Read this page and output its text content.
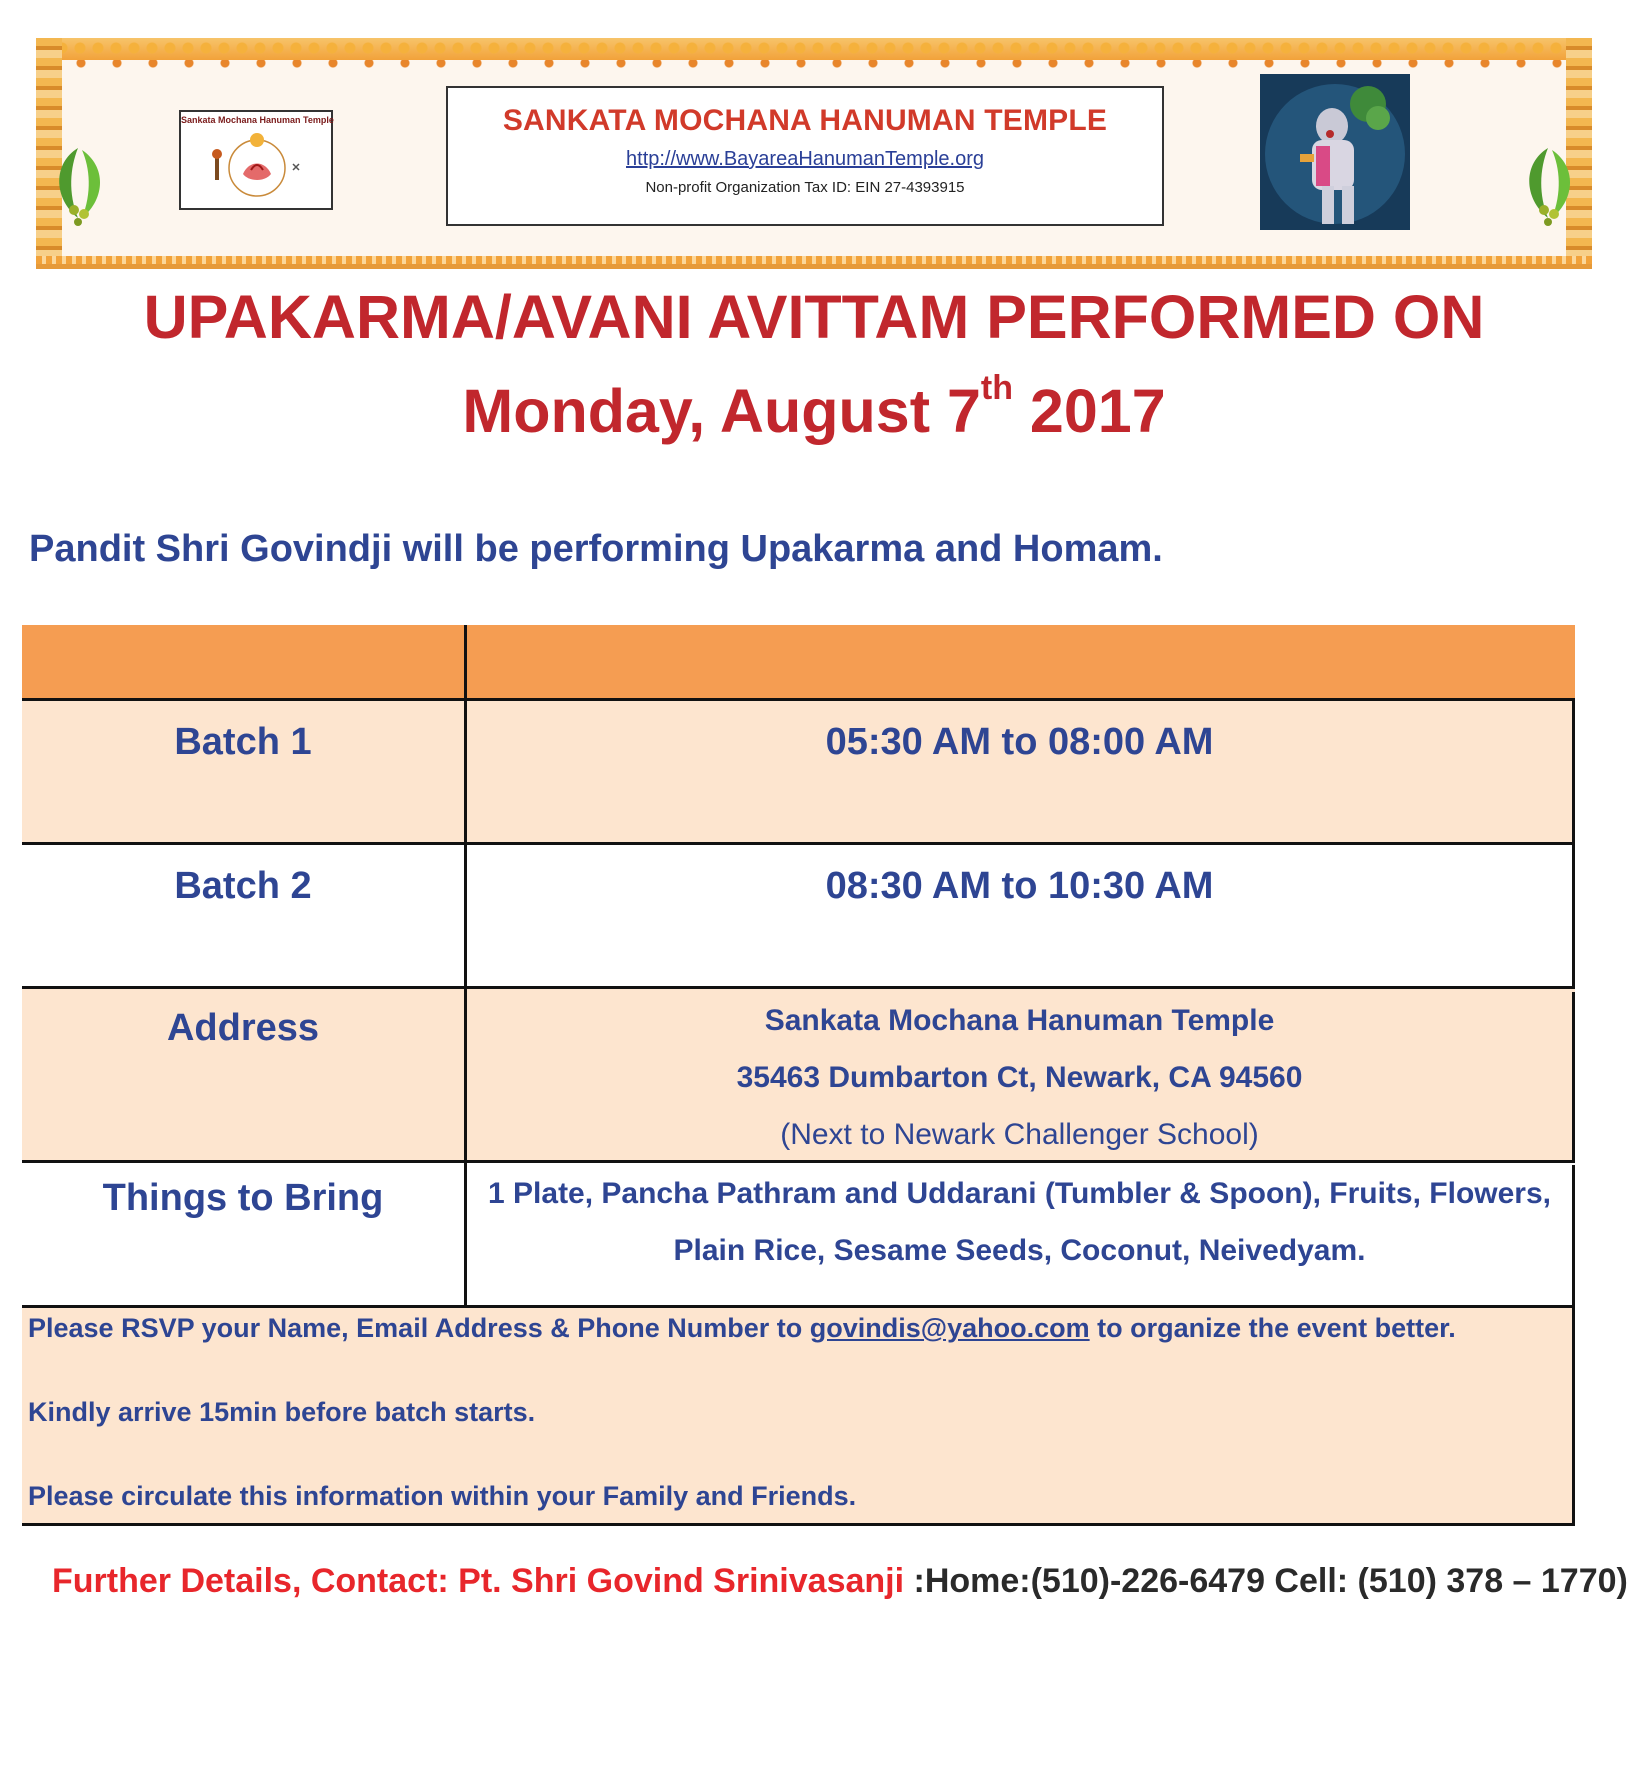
Sankata Mochana Hanuman Temple	SANKATA MOCHANA HANUMAN TEMPLE
http://www.BayareaHanumanTemple.org
Non-profit Organization Tax ID: EIN 27-4393915
UPAKARMA/AVANI AVITTAM PERFORMED ON
Monday, August 7th 2017
Pandit Shri Govindji will be performing Upakarma and Homam.
Batch 1	05:30 AM to 08:00 AM
Batch 2	08:30 AM to 10:30 AM
Address	Sankata Mochana Hanuman Temple
35463 Dumbarton Ct, Newark, CA 94560
(Next to Newark Challenger School)
Things to Bring	1 Plate, Pancha Pathram and Uddarani (Tumbler & Spoon), Fruits, Flowers,
Plain Rice, Sesame Seeds, Coconut, Neivedyam.

Please RSVP your Name, Email Address & Phone Number to govindis@yahoo.com to organize the event better.

Kindly arrive 15min before batch starts.

Please circulate this information within your Family and Friends.

Further Details, Contact: Pt. Shri Govind Srinivasanji :Home:(510)-226-6479 Cell: (510) 378 – 1770)
